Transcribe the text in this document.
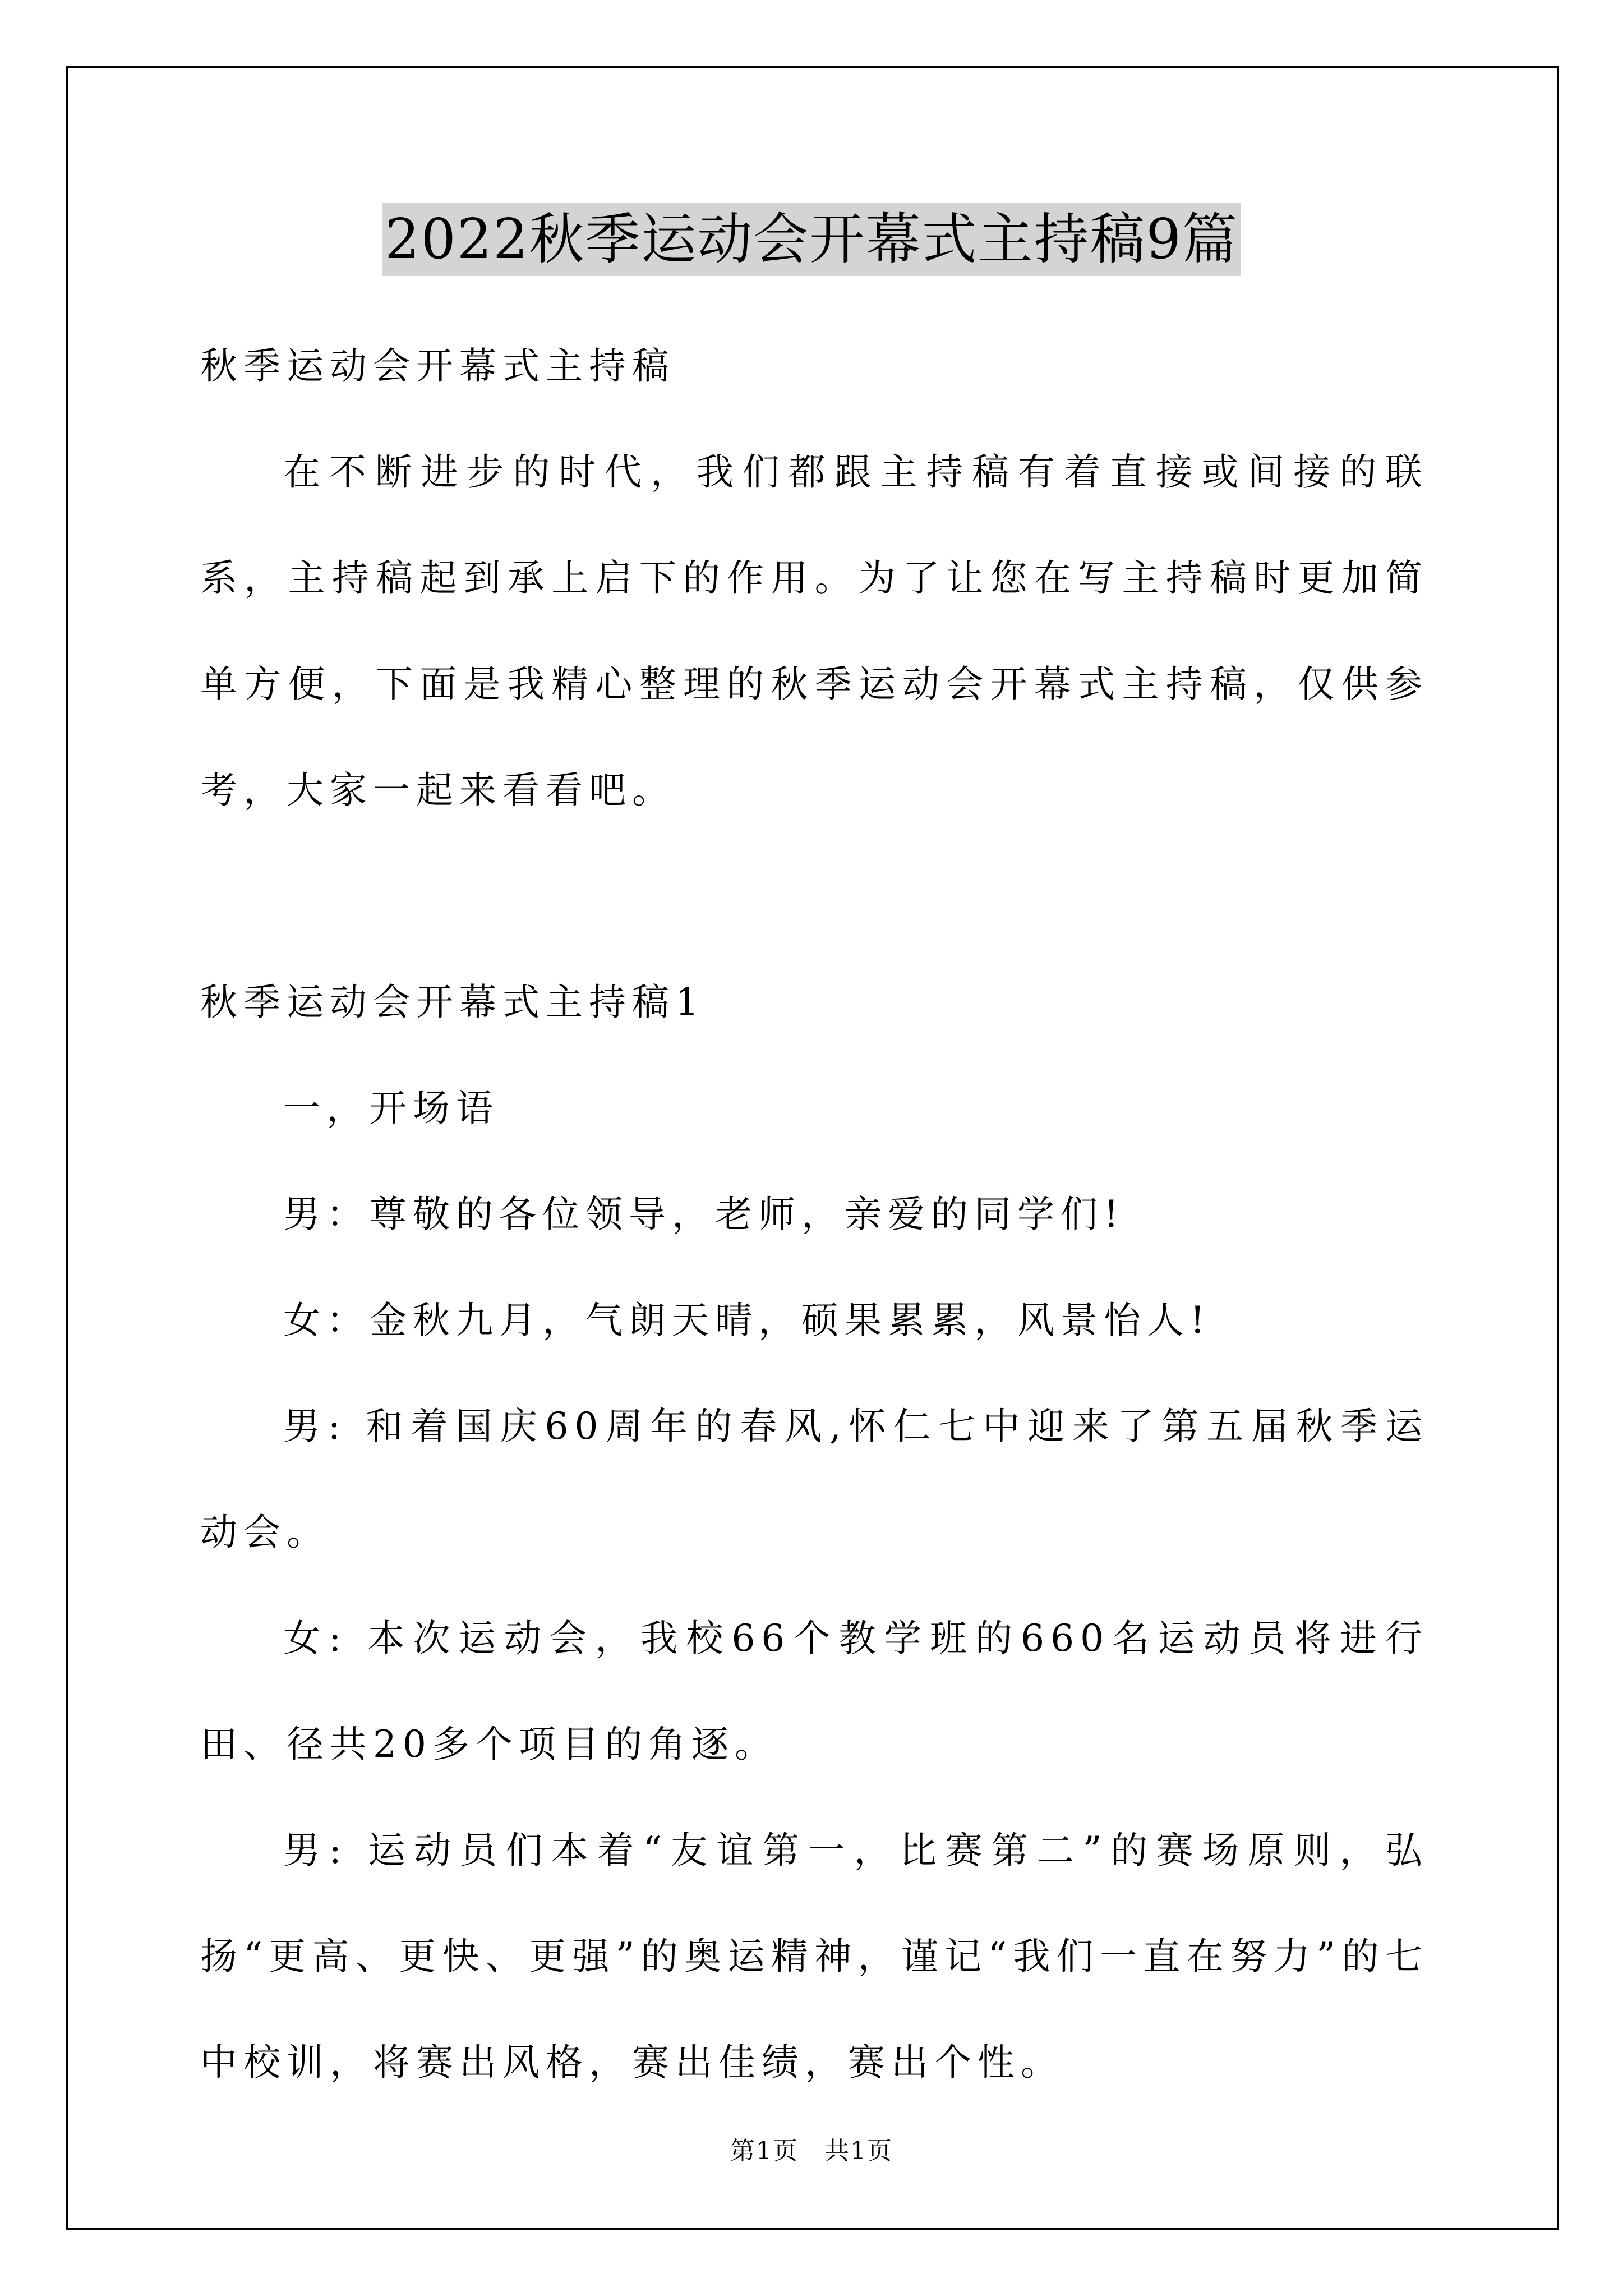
2022秋季运动会开幕式主持稿9篇

秋季运动会开幕式主持稿

在不断进步的时代，我们都跟主持稿有着直接或间接的联系，主持稿起到承上启下的作用。为了让您在写主持稿时更加简单方便，下面是我精心整理的秋季运动会开幕式主持稿，仅供参考，大家一起来看看吧。

秋季运动会开幕式主持稿1

一，开场语

男：尊敬的各位领导，老师，亲爱的同学们!

女：金秋九月，气朗天晴，硕果累累，风景怡人!

男: 和着国庆60周年的春风,怀仁七中迎来了第五届秋季运动会。

女: 本次运动会，我校66个教学班的660名运动员将进行田、径共20多个项目的角逐。

男: 运动员们本着“友谊第一，比赛第二”的赛场原则，弘扬“更高、更快、更强”的奥运精神，谨记“我们一直在努力”的七中校训，将赛出风格，赛出佳绩，赛出个性。

第1页　共1页
